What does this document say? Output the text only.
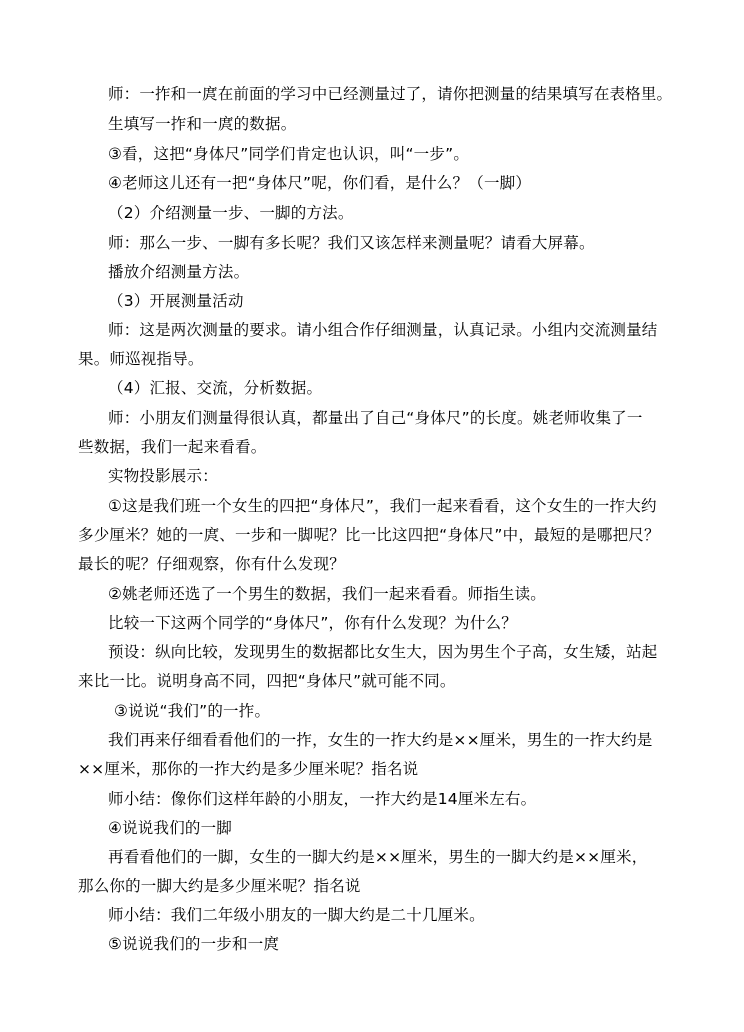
师：一拃和一庹在前面的学习中已经测量过了，请你把测量的结果填写在表格里。
生填写一拃和一庹的数据。
③看，这把“身体尺”同学们肯定也认识，叫“一步”。
④老师这儿还有一把“身体尺”呢，你们看，是什么？（一脚）
（2）介绍测量一步、一脚的方法。
师：那么一步、一脚有多长呢？我们又该怎样来测量呢？请看大屏幕。
播放介绍测量方法。
（3）开展测量活动
师：这是两次测量的要求。请小组合作仔细测量，认真记录。小组内交流测量结
果。师巡视指导。
（4）汇报、交流，分析数据。
师：小朋友们测量得很认真，都量出了自己“身体尺”的长度。姚老师收集了一
些数据，我们一起来看看。
实物投影展示：
①这是我们班一个女生的四把“身体尺”，我们一起来看看，这个女生的一拃大约
多少厘米？她的一庹、一步和一脚呢？比一比这四把“身体尺”中，最短的是哪把尺？
最长的呢？仔细观察，你有什么发现？
②姚老师还选了一个男生的数据，我们一起来看看。师指生读。
比较一下这两个同学的“身体尺”，你有什么发现？为什么？
预设：纵向比较，发现男生的数据都比女生大，因为男生个子高，女生矮，站起
来比一比。说明身高不同，四把“身体尺”就可能不同。
③说说“我们”的一拃。
我们再来仔细看看他们的一拃，女生的一拃大约是××厘米，男生的一拃大约是
××厘米，那你的一拃大约是多少厘米呢？指名说
师小结：像你们这样年龄的小朋友，一拃大约是14厘米左右。
④说说我们的一脚
再看看他们的一脚，女生的一脚大约是××厘米，男生的一脚大约是××厘米，
那么你的一脚大约是多少厘米呢？指名说
师小结：我们二年级小朋友的一脚大约是二十几厘米。
⑤说说我们的一步和一庹
